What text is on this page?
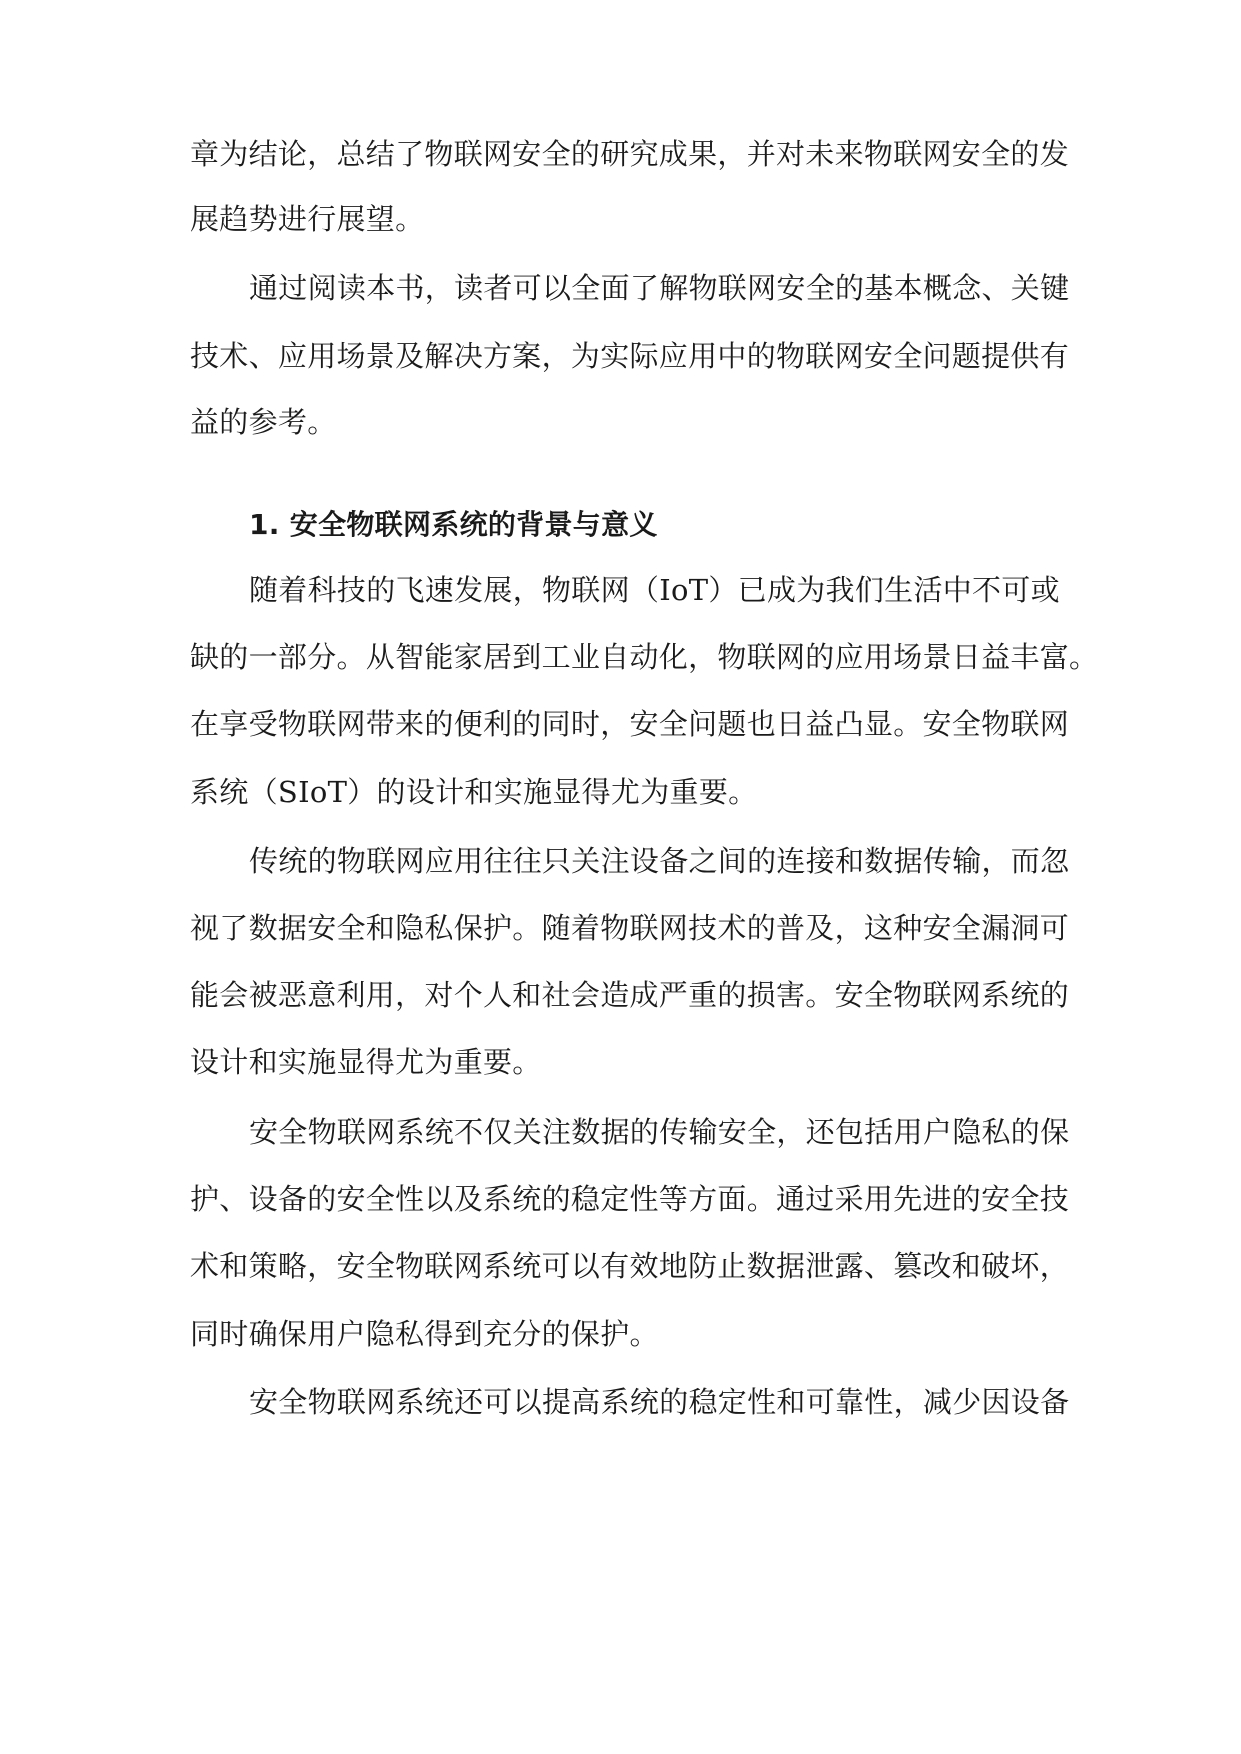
章为结论，总结了物联网安全的研究成果，并对未来物联网安全的发
展趋势进行展望。
通过阅读本书，读者可以全面了解物联网安全的基本概念、关键
技术、应用场景及解决方案，为实际应用中的物联网安全问题提供有
益的参考。
1. 安全物联网系统的背景与意义
随着科技的飞速发展，物联网（IoT）已成为我们生活中不可或
缺的一部分。从智能家居到工业自动化，物联网的应用场景日益丰富。
在享受物联网带来的便利的同时，安全问题也日益凸显。安全物联网
系统（SIoT）的设计和实施显得尤为重要。
传统的物联网应用往往只关注设备之间的连接和数据传输，而忽
视了数据安全和隐私保护。随着物联网技术的普及，这种安全漏洞可
能会被恶意利用，对个人和社会造成严重的损害。安全物联网系统的
设计和实施显得尤为重要。
安全物联网系统不仅关注数据的传输安全，还包括用户隐私的保
护、设备的安全性以及系统的稳定性等方面。通过采用先进的安全技
术和策略，安全物联网系统可以有效地防止数据泄露、篡改和破坏，
同时确保用户隐私得到充分的保护。
安全物联网系统还可以提高系统的稳定性和可靠性，减少因设备
